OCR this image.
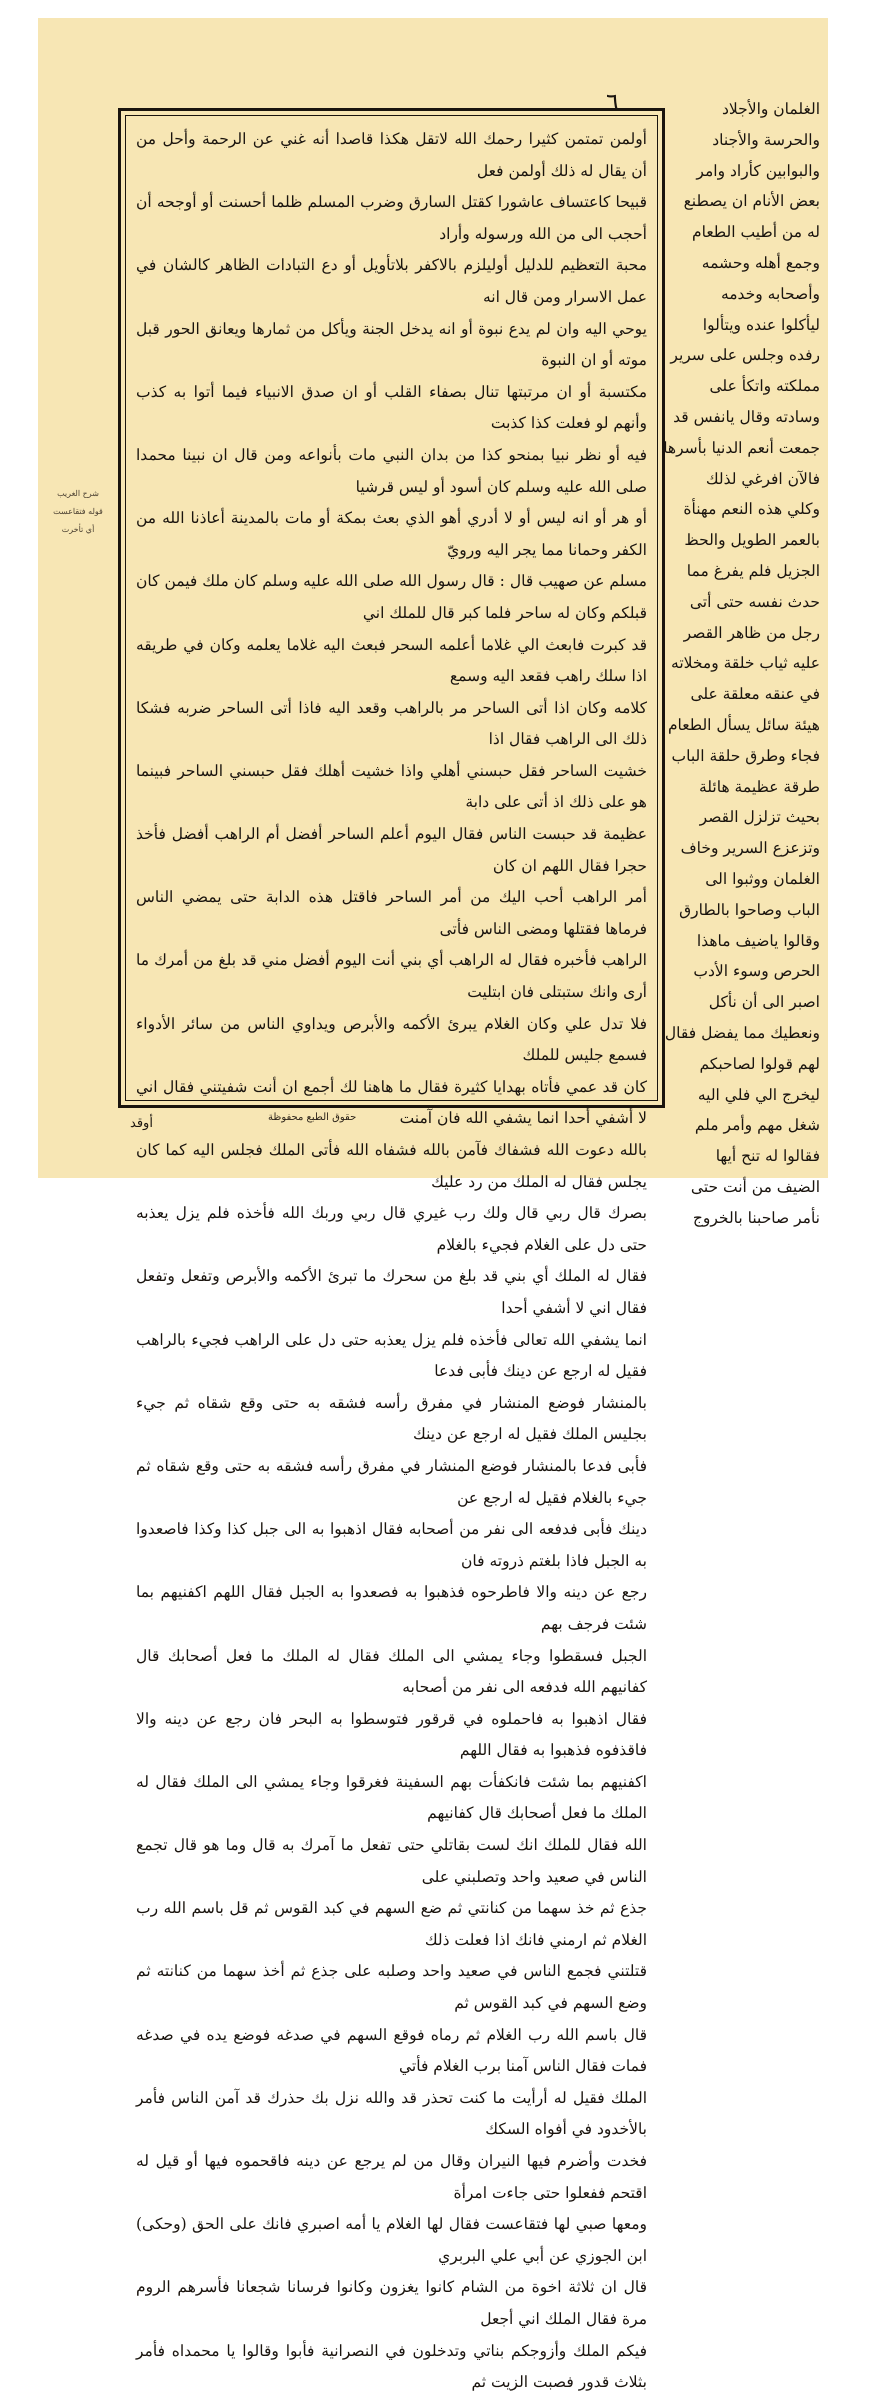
٦
أولمن تمتمن كثيرا رحمك الله لاتقل هكذا قاصدا أنه غني عن الرحمة وأحل من أن يقال له ذلك أولمن فعل
قبيحا كاعتساف عاشورا كقتل السارق وضرب المسلم ظلما أحسنت أو أوجحه أن أحجب الى من الله ورسوله وأراد
محبة التعظيم للدليل أوليلزم بالاكفر بلاتأويل أو دع التبادات الظاهر كالشان في عمل الاسرار ومن قال انه
يوحي اليه وان لم يدع نبوة أو انه يدخل الجنة ويأكل من ثمارها ويعانق الحور قبل موته أو ان النبوة
مكتسبة أو ان مرتبتها تنال بصفاء القلب أو ان صدق الانبياء فيما أتوا به كذب وأنهم لو فعلت كذا كذبت
فيه أو نظر نبيا بمنحو كذا من بدان النبي مات بأنواعه ومن قال ان نبينا محمدا صلى الله عليه وسلم كان أسود أو ليس قرشيا
أو هر أو انه ليس أو لا أدري أهو الذي بعث بمكة أو مات بالمدينة أعاذنا الله من الكفر وحمانا مما يجر اليه ورويّ
مسلم عن صهيب قال : قال رسول الله صلى الله عليه وسلم كان ملك فيمن كان قبلكم وكان له ساحر فلما كبر قال للملك اني
قد كبرت فابعث الي غلاما أعلمه السحر فبعث اليه غلاما يعلمه وكان في طريقه اذا سلك راهب فقعد اليه وسمع
كلامه وكان اذا أتى الساحر مر بالراهب وقعد اليه فاذا أتى الساحر ضربه فشكا ذلك الى الراهب فقال اذا
خشيت الساحر فقل حبسني أهلي واذا خشيت أهلك فقل حبسني الساحر فبينما هو على ذلك اذ أتى على دابة
عظيمة قد حبست الناس فقال اليوم أعلم الساحر أفضل أم الراهب أفضل فأخذ حجرا فقال اللهم ان كان
أمر الراهب أحب اليك من أمر الساحر فاقتل هذه الدابة حتى يمضي الناس فرماها فقتلها ومضى الناس فأتى
الراهب فأخبره فقال له الراهب أي بني أنت اليوم أفضل مني قد بلغ من أمرك ما أرى وانك ستبتلى فان ابتليت
فلا تدل علي وكان الغلام يبرئ الأكمه والأبرص ويداوي الناس من سائر الأدواء فسمع جليس للملك
كان قد عمي فأتاه بهدايا كثيرة فقال ما هاهنا لك أجمع ان أنت شفيتني فقال اني لا أشفي أحدا انما يشفي الله فان آمنت
بالله دعوت الله فشفاك فآمن بالله فشفاه الله فأتى الملك فجلس اليه كما كان يجلس فقال له الملك من رد عليك
بصرك قال ربي قال ولك رب غيري قال ربي وربك الله فأخذه فلم يزل يعذبه حتى دل على الغلام فجيء بالغلام
فقال له الملك أي بني قد بلغ من سحرك ما تبرئ الأكمه والأبرص وتفعل وتفعل فقال اني لا أشفي أحدا
انما يشفي الله تعالى فأخذه فلم يزل يعذبه حتى دل على الراهب فجيء بالراهب فقيل له ارجع عن دينك فأبى فدعا
بالمنشار فوضع المنشار في مفرق رأسه فشقه به حتى وقع شقاه ثم جيء بجليس الملك فقيل له ارجع عن دينك
فأبى فدعا بالمنشار فوضع المنشار في مفرق رأسه فشقه به حتى وقع شقاه ثم جيء بالغلام فقيل له ارجع عن
دينك فأبى فدفعه الى نفر من أصحابه فقال اذهبوا به الى جبل كذا وكذا فاصعدوا به الجبل فاذا بلغتم ذروته فان
رجع عن دينه والا فاطرحوه فذهبوا به فصعدوا به الجبل فقال اللهم اكفنيهم بما شئت فرجف بهم
الجبل فسقطوا وجاء يمشي الى الملك فقال له الملك ما فعل أصحابك قال كفانيهم الله فدفعه الى نفر من أصحابه
فقال اذهبوا به فاحملوه في قرقور فتوسطوا به البحر فان رجع عن دينه والا فاقذفوه فذهبوا به فقال اللهم
اكفنيهم بما شئت فانكفأت بهم السفينة فغرقوا وجاء يمشي الى الملك فقال له الملك ما فعل أصحابك قال كفانيهم
الله فقال للملك انك لست بقاتلي حتى تفعل ما آمرك به قال وما هو قال تجمع الناس في صعيد واحد وتصلبني على
جذع ثم خذ سهما من كنانتي ثم ضع السهم في كبد القوس ثم قل باسم الله رب الغلام ثم ارمني فانك اذا فعلت ذلك
قتلتني فجمع الناس في صعيد واحد وصلبه على جذع ثم أخذ سهما من كنانته ثم وضع السهم في كبد القوس ثم
قال باسم الله رب الغلام ثم رماه فوقع السهم في صدغه فوضع يده في صدغه فمات فقال الناس آمنا برب الغلام فأتي
الملك فقيل له أرأيت ما كنت تحذر قد والله نزل بك حذرك قد آمن الناس فأمر بالأخدود في أفواه السكك
فخدت وأضرم فيها النيران وقال من لم يرجع عن دينه فاقحموه فيها أو قيل له اقتحم ففعلوا حتى جاءت امرأة
ومعها صبي لها فتقاعست فقال لها الغلام يا أمه اصبري فانك على الحق (وحكى) ابن الجوزي عن أبي علي البربري
قال ان ثلاثة اخوة من الشام كانوا يغزون وكانوا فرسانا شجعانا فأسرهم الروم مرة فقال الملك اني أجعل
فيكم الملك وأزوجكم بناتي وتدخلون في النصرانية فأبوا وقالوا يا محمداه فأمر بثلاث قدور فصبت الزيت ثم
شرح الغريب
قوله فتقاعست
أي تأخرت
الغلمان والأجلاد
والحرسة والأجناد
والبوابين كأراد وامر
بعض الأنام ان يصطنع
له من أطيب الطعام
وجمع أهله وحشمه
وأصحابه وخدمه
ليأكلوا عنده ويتألوا
رفده وجلس على سرير
مملكته واتكأ على
وسادته وقال يانفس قد
جمعت أنعم الدنيا بأسرها
فالآن افرغي لذلك
وكلي هذه النعم مهنأة
بالعمر الطويل والحظ
الجزيل فلم يفرغ مما
حدث نفسه حتى أتى
رجل من ظاهر القصر
عليه ثياب خلقة ومخلاته
في عنقه معلقة على
هيئة سائل يسأل الطعام
فجاء وطرق حلقة الباب
طرقة عظيمة هائلة
بحيث تزلزل القصر
وتزعزع السرير وخاف
الغلمان ووثبوا الى
الباب وصاحوا بالطارق
وقالوا ياضيف ماهذا
الحرص وسوء الأدب
اصبر الى أن نأكل
ونعطيك مما يفضل فقال
لهم قولوا لصاحبكم
ليخرج الي فلي اليه
شغل مهم وأمر ملم
فقالوا له تنح أيها
الضيف من أنت حتى
نأمر صاحبنا بالخروج
حقوق الطبع محفوظة
أوقد
